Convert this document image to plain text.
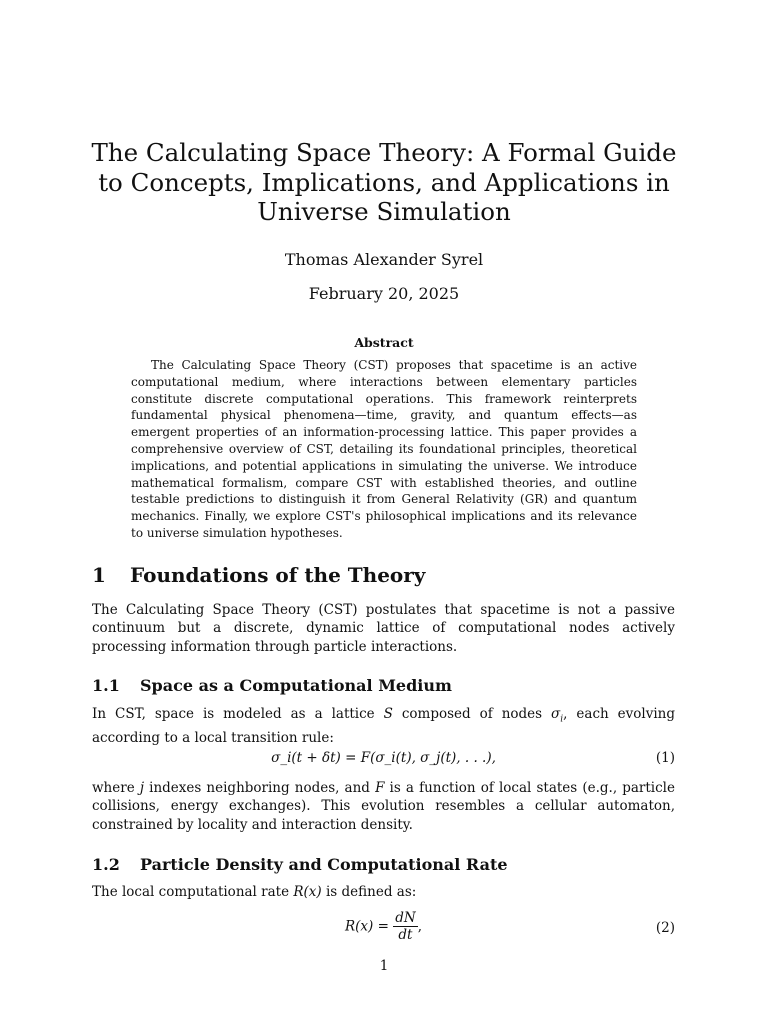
The Calculating Space Theory: A Formal Guide to Concepts, Implications, and Applications in Universe Simulation
Thomas Alexander Syrel
February 20, 2025
Abstract

The Calculating Space Theory (CST) proposes that spacetime is an active computational medium, where interactions between elementary particles constitute discrete computational operations. This framework reinterprets fundamental physical phenomena—time, gravity, and quantum effects—as emergent properties of an information-processing lattice. This paper provides a comprehensive overview of CST, detailing its foundational principles, theoretical implications, and potential applications in simulating the universe. We introduce mathematical formalism, compare CST with established theories, and outline testable predictions to distinguish it from General Relativity (GR) and quantum mechanics. Finally, we explore CST's philosophical implications and its relevance to universe simulation hypotheses.

1 Foundations of the Theory

The Calculating Space Theory (CST) postulates that spacetime is not a passive continuum but a discrete, dynamic lattice of computational nodes actively processing information through particle interactions.

1.1 Space as a Computational Medium

In CST, space is modeled as a lattice S composed of nodes $\sigma_i$, each evolving according to a local transition rule:

σ_i(t + δt) = F(σ_i(t), σ_j(t), . . .),	(1)

where j indexes neighboring nodes, and F is a function of local states (e.g., particle collisions, energy exchanges). This evolution resembles a cellular automaton, constrained by locality and interaction density.

1.2 Particle Density and Computational Rate

The local computational rate R(x) is defined as:

$R(x) = \frac{dN}{dt}$ ,	(2)
1
